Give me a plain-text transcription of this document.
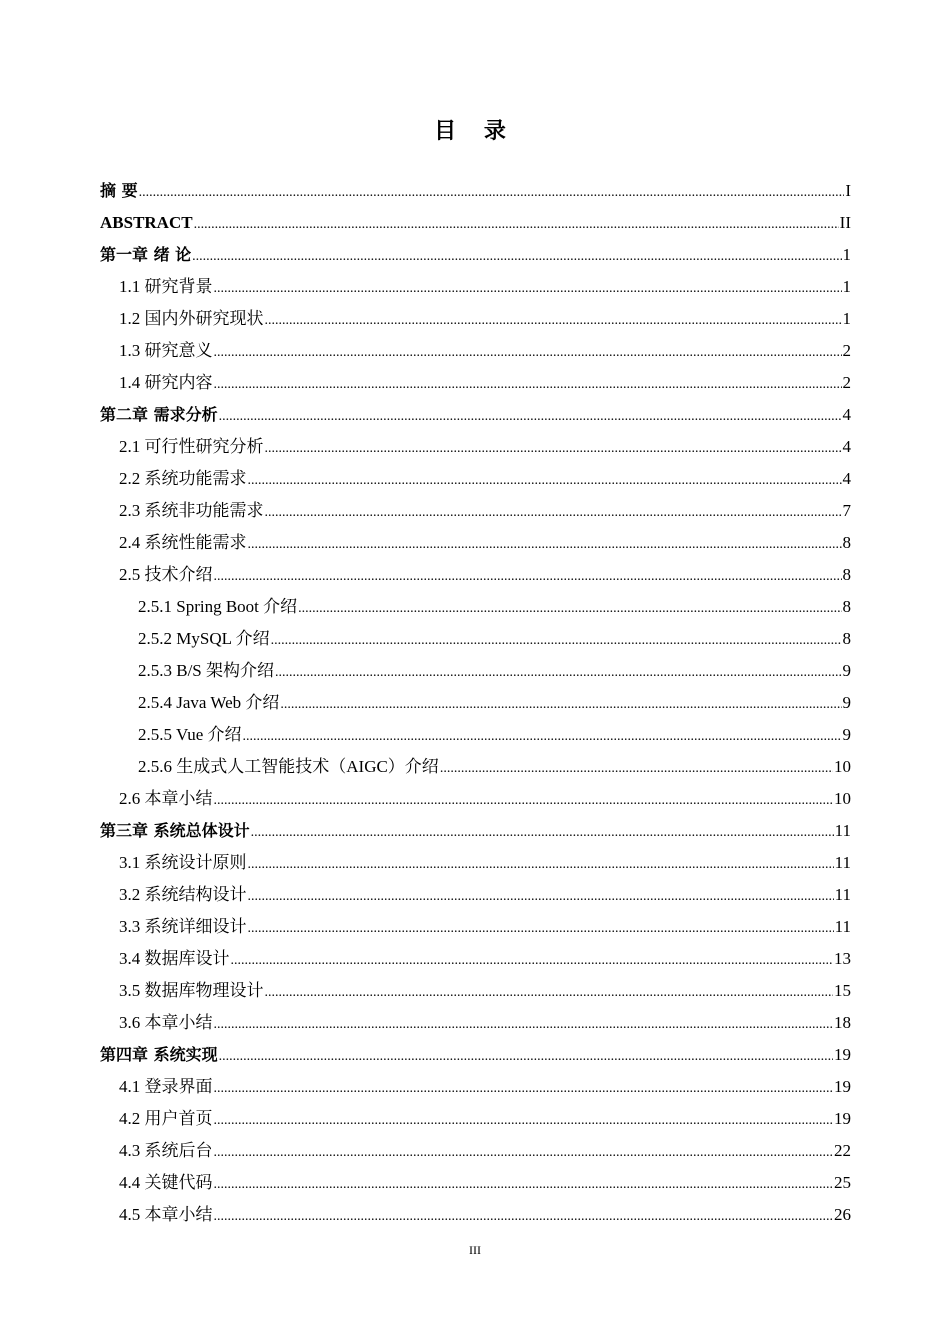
目 录
摘 要 .....	I
ABSTRACT .....	II
第一章 绪 论 .....	1
1.1 研究背景 .....	1
1.2 国内外研究现状 .....	1
1.3 研究意义 .....	2
1.4 研究内容 .....	2
第二章 需求分析 .....	4
2.1 可行性研究分析 .....	4
2.2 系统功能需求 .....	4
2.3 系统非功能需求 .....	7
2.4 系统性能需求 .....	8
2.5 技术介绍 .....	8
2.5.1 Spring Boot 介绍 .....	8
2.5.2 MySQL 介绍 .....	8
2.5.3 B/S 架构介绍 .....	9
2.5.4 Java Web 介绍 .....	9
2.5.5 Vue 介绍 .....	9
2.5.6 生成式人工智能技术（AIGC）介绍 .....	10
2.6 本章小结 .....	10
第三章 系统总体设计 .....	11
3.1 系统设计原则 .....	11
3.2 系统结构设计 .....	11
3.3 系统详细设计 .....	11
3.4 数据库设计 .....	13
3.5 数据库物理设计 .....	15
3.6 本章小结 .....	18
第四章 系统实现 .....	19
4.1 登录界面 .....	19
4.2 用户首页 .....	19
4.3 系统后台 .....	22
4.4 关键代码 .....	25
4.5 本章小结 .....	26
III
